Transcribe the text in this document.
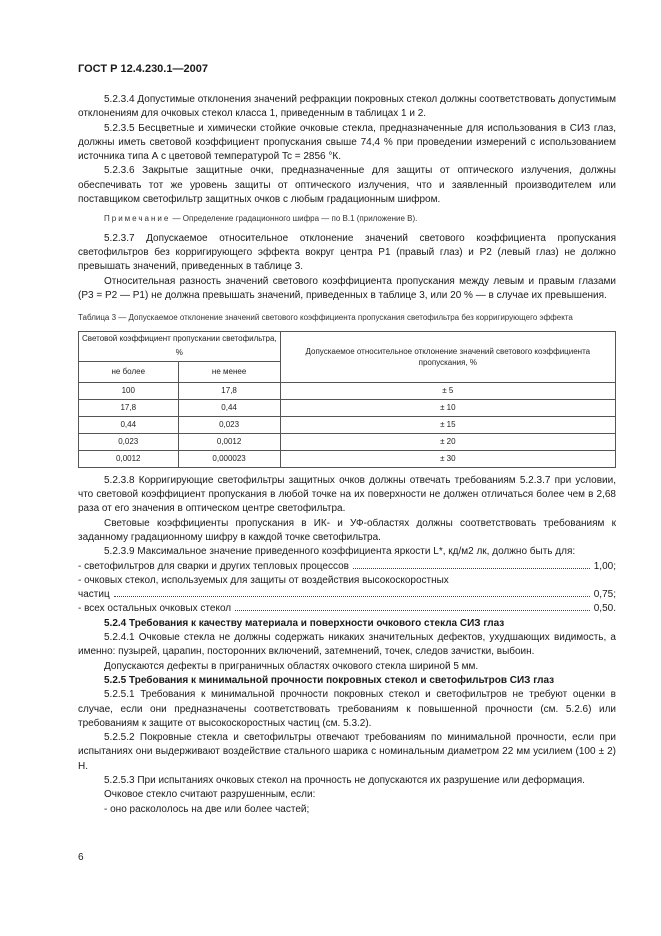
ГОСТ Р 12.4.230.1—2007

5.2.3.4 Допустимые отклонения значений рефракции покровных стекол должны соответствовать допустимым отклонениям для очковых стекол класса 1, приведенным в таблицах 1 и 2.

5.2.3.5 Бесцветные и химически стойкие очковые стекла, предназначенные для использования в СИЗ глаз, должны иметь световой коэффициент пропускания свыше 74,4 % при проведении измерений с использованием источника типа А с цветовой температурой Tc = 2856 °К.

5.2.3.6 Закрытые защитные очки, предназначенные для защиты от оптического излучения, должны обеспечивать тот же уровень защиты от оптического излучения, что и заявленный производителем или поставщиком светофильтр защитных очков с любым градационным шифром.

Примечание — Определение градационного шифра — по В.1 (приложение В).

5.2.3.7 Допускаемое относительное отклонение значений светового коэффициента пропускания светофильтров без корригирующего эффекта вокруг центра P1 (правый глаз) и P2 (левый глаз) не должно превышать значений, приведенных в таблице 3.

Относительная разность значений светового коэффициента пропускания между левым и правым глазами (P3 = P2 — P1) не должна превышать значений, приведенных в таблице 3, или 20 % — в случае их превышения.

Таблица 3 — Допускаемое отклонение значений светового коэффициента пропускания светофильтра без корригирующего эффекта

Световой коэффициент пропускании светофильтра, %		Допускаемое относительное отклонение значений светового коэффициента пропускания, %
не более	не менее	
100	17,8	± 5
17,8	0,44	± 10
0,44	0,023	± 15
0,023	0,0012	± 20
0,0012	0,000023	± 30

5.2.3.8 Корригирующие светофильтры защитных очков должны отвечать требованиям 5.2.3.7 при условии, что световой коэффициент пропускания в любой точке на их поверхности не должен отличаться более чем в 2,68 раза от его значения в оптическом центре светофильтра.

Световые коэффициенты пропускания в ИК- и УФ-областях должны соответствовать требованиям к заданному градационному шифру в каждой точке светофильтра.

5.2.3.9 Максимальное значение приведенного коэффициента яркости L*, кд/м2 лк, должно быть для:

- светофильтров для сварки и других тепловых процессов	1,00;
- очковых стекол, используемых для защиты от воздействия высокоскоростных
частиц	0,75;
- всех остальных очковых стекол	0,50.

5.2.4 Требования к качеству материала и поверхности очкового стекла СИЗ глаз

5.2.4.1 Очковые стекла не должны содержать никаких значительных дефектов, ухудшающих видимость, а именно: пузырей, царапин, посторонних включений, затемнений, точек, следов зачистки, выбоин.

Допускаются дефекты в приграничных областях очкового стекла шириной 5 мм.

5.2.5 Требования к минимальной прочности покровных стекол и светофильтров СИЗ глаз

5.2.5.1 Требования к минимальной прочности покровных стекол и светофильтров не требуют оценки в случае, если они предназначены соответствовать требованиям к повышенной прочности (см. 5.2.6) или требованиям к защите от высокоскоростных частиц (см. 5.3.2).

5.2.5.2 Покровные стекла и светофильтры отвечают требованиям по минимальной прочности, если при испытаниях они выдерживают воздействие стального шарика с номинальным диаметром 22 мм усилием (100 ± 2) Н.

5.2.5.3 При испытаниях очковых стекол на прочность не допускаются их разрушение или деформация.

Очковое стекло считают разрушенным, если:

- оно раскололось на две или более частей;

6
